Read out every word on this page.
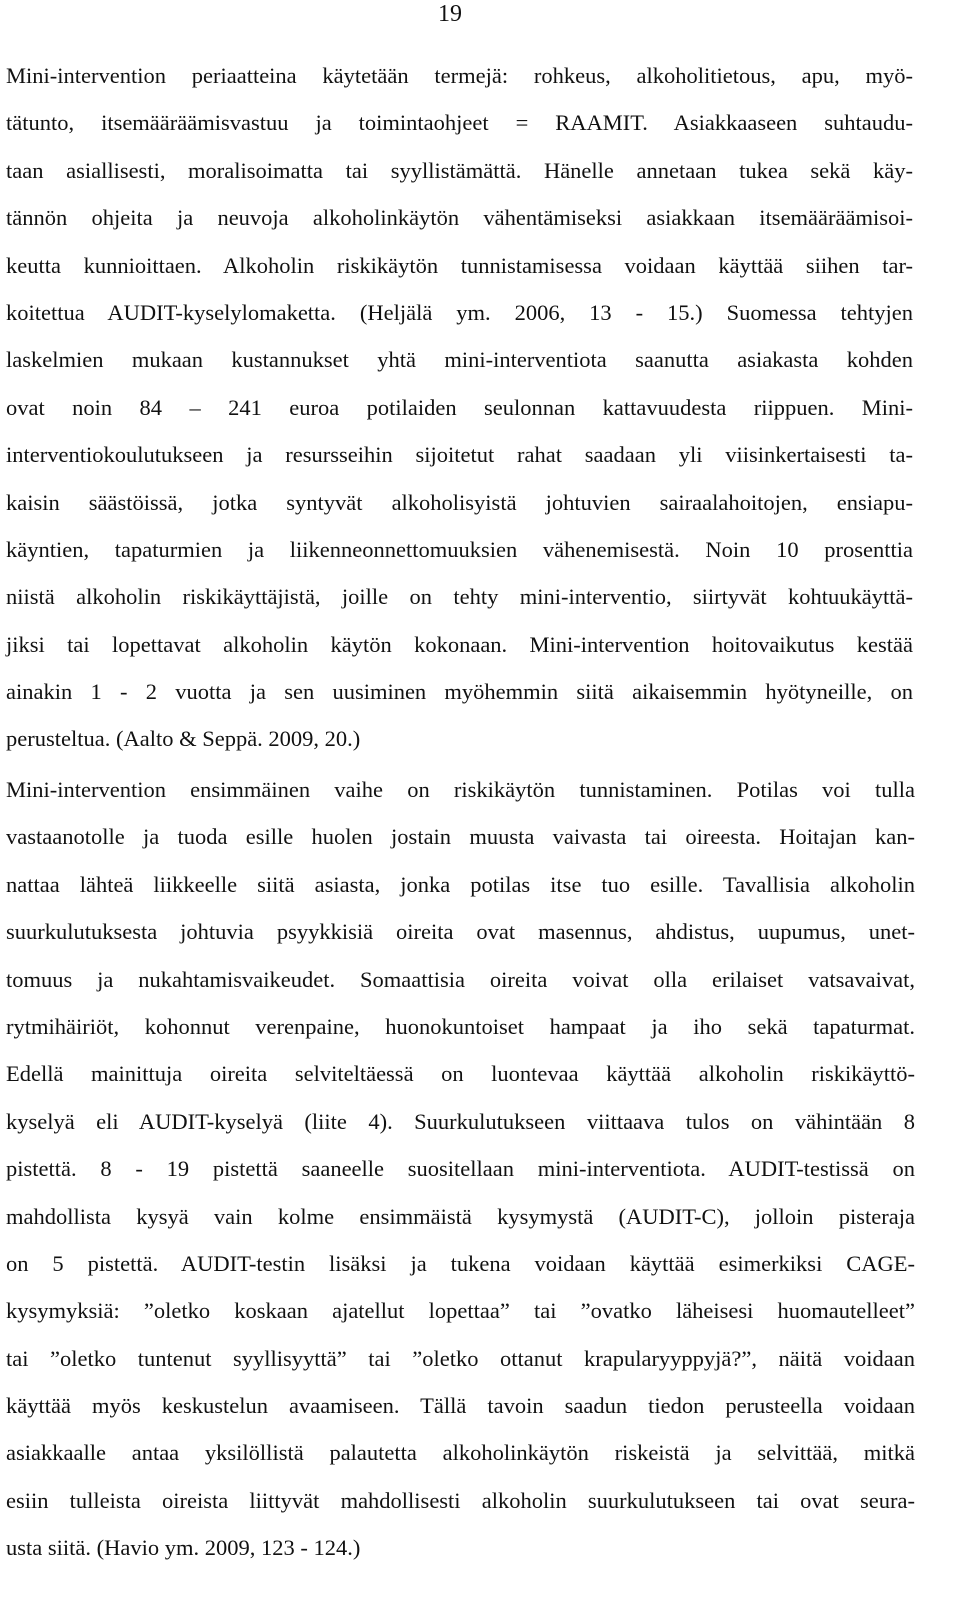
19
Mini-intervention periaatteina käytetään termejä: rohkeus, alkoholitietous, apu, myö-
tätunto, itsemääräämisvastuu ja toimintaohjeet = RAAMIT. Asiakkaaseen suhtaudu-
taan asiallisesti, moralisoimatta tai syyllistämättä. Hänelle annetaan tukea sekä käy-
tännön ohjeita ja neuvoja alkoholinkäytön vähentämiseksi asiakkaan itsemääräämisoi-
keutta kunnioittaen. Alkoholin riskikäytön tunnistamisessa voidaan käyttää siihen tar-
koitettua AUDIT-kyselylomaketta. (Heljälä ym. 2006, 13 - 15.) Suomessa tehtyjen
laskelmien mukaan kustannukset yhtä mini-interventiota saanutta asiakasta kohden
ovat noin 84 – 241 euroa potilaiden seulonnan kattavuudesta riippuen. Mini-
interventiokoulutukseen ja resursseihin sijoitetut rahat saadaan yli viisinkertaisesti ta-
kaisin säästöissä, jotka syntyvät alkoholisyistä johtuvien sairaalahoitojen, ensiapu-
käyntien, tapaturmien ja liikenneonnettomuuksien vähenemisestä. Noin 10 prosenttia
niistä alkoholin riskikäyttäjistä, joille on tehty mini-interventio, siirtyvät kohtuukäyttä-
jiksi tai lopettavat alkoholin käytön kokonaan. Mini-intervention hoitovaikutus kestää
ainakin 1 - 2 vuotta ja sen uusiminen myöhemmin siitä aikaisemmin hyötyneille, on
perusteltua. (Aalto & Seppä. 2009, 20.)
Mini-intervention ensimmäinen vaihe on riskikäytön tunnistaminen. Potilas voi tulla
vastaanotolle ja tuoda esille huolen jostain muusta vaivasta tai oireesta. Hoitajan kan-
nattaa lähteä liikkeelle siitä asiasta, jonka potilas itse tuo esille. Tavallisia alkoholin
suurkulutuksesta johtuvia psyykkisiä oireita ovat masennus, ahdistus, uupumus, unet-
tomuus ja nukahtamisvaikeudet. Somaattisia oireita voivat olla erilaiset vatsavaivat,
rytmihäiriöt, kohonnut verenpaine, huonokuntoiset hampaat ja iho sekä tapaturmat.
Edellä mainittuja oireita selviteltäessä on luontevaa käyttää alkoholin riskikäyttö-
kyselyä eli AUDIT-kyselyä (liite 4). Suurkulutukseen viittaava tulos on vähintään 8
pistettä. 8 - 19 pistettä saaneelle suositellaan mini-interventiota. AUDIT-testissä on
mahdollista kysyä vain kolme ensimmäistä kysymystä (AUDIT-C), jolloin pisteraja
on 5 pistettä. AUDIT-testin lisäksi ja tukena voidaan käyttää esimerkiksi CAGE-
kysymyksiä: ”oletko koskaan ajatellut lopettaa” tai ”ovatko läheisesi huomautelleet”
tai ”oletko tuntenut syyllisyyttä” tai ”oletko ottanut krapularyyppyjä?”, näitä voidaan
käyttää myös keskustelun avaamiseen. Tällä tavoin saadun tiedon perusteella voidaan
asiakkaalle antaa yksilöllistä palautetta alkoholinkäytön riskeistä ja selvittää, mitkä
esiin tulleista oireista liittyvät mahdollisesti alkoholin suurkulutukseen tai ovat seura-
usta siitä. (Havio ym. 2009, 123 - 124.)
